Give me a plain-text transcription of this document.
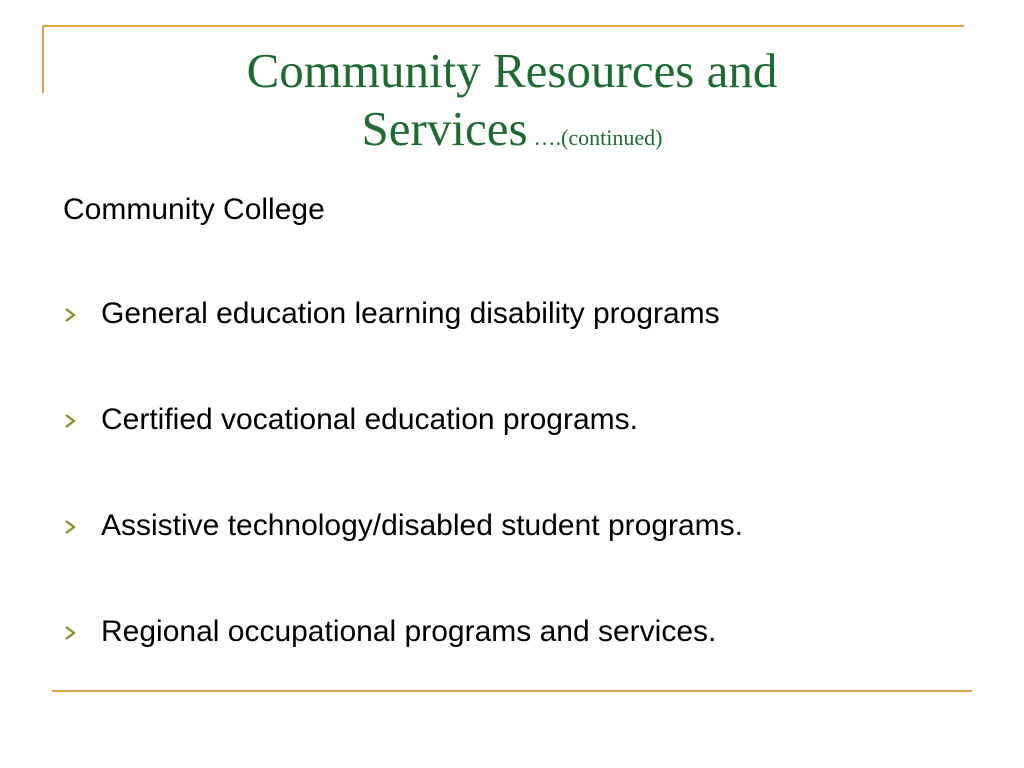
Community Resources and
Services ….(continued)
Community College
General education learning disability programs
Certified vocational education programs.
Assistive technology/disabled student programs.
Regional occupational programs and services.
